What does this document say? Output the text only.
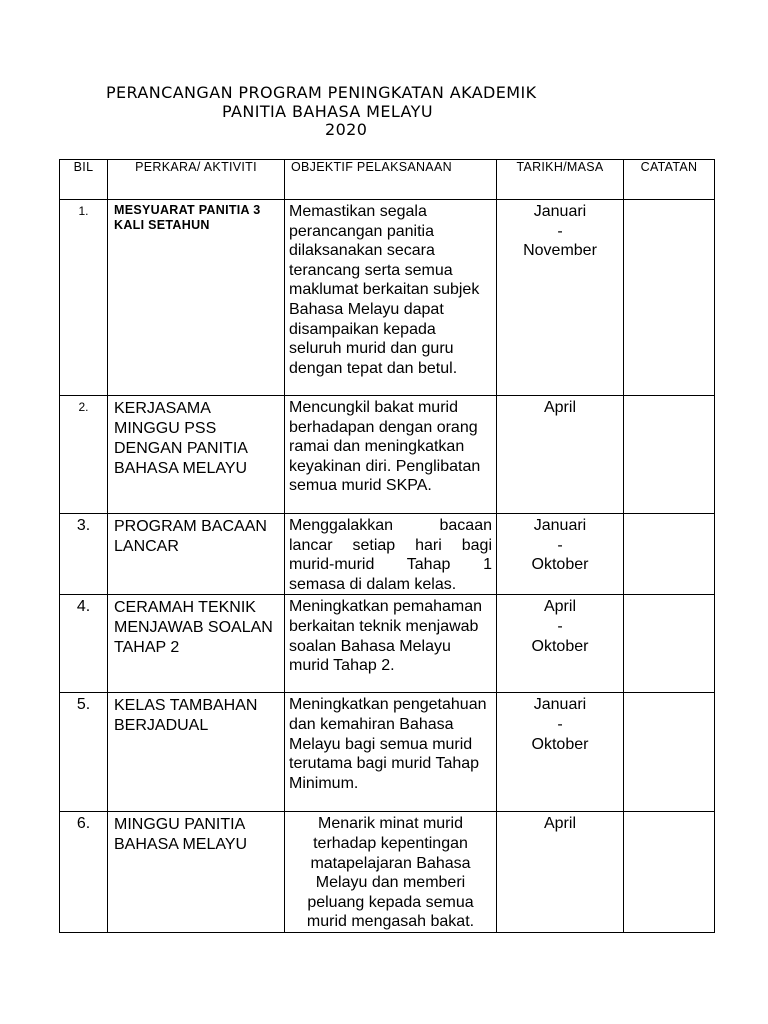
PERANCANGAN PROGRAM PENINGKATAN AKADEMIK
PANITIA BAHASA MELAYU
2020
BIL	PERKARA/ AKTIVITI	OBJEKTIF PELAKSANAAN	TARIKH/MASA	CATATAN
1.	MESYUARAT PANITIA 3 KALI SETAHUN	Memastikan segala perancangan panitia dilaksanakan secara terancang serta semua maklumat berkaitan subjek Bahasa Melayu dapat disampaikan kepada seluruh murid dan guru dengan tepat dan betul.	Januari
-
November	
2.	KERJASAMA MINGGU PSS DENGAN PANITIA BAHASA MELAYU	Mencungkil bakat murid berhadapan dengan orang ramai dan meningkatkan keyakinan diri. Penglibatan semua murid SKPA.	April	
3.	PROGRAM BACAAN LANCAR	Menggalakkan bacaan lancar setiap hari bagi murid-murid Tahap 1 semasa di dalam kelas.	Januari
-
Oktober	
4.	CERAMAH TEKNIK MENJAWAB SOALAN TAHAP 2	Meningkatkan pemahaman berkaitan teknik menjawab soalan Bahasa Melayu murid Tahap 2.	April
-
Oktober	
5.	KELAS TAMBAHAN BERJADUAL	Meningkatkan pengetahuan dan kemahiran Bahasa Melayu bagi semua murid terutama bagi murid Tahap Minimum.	Januari
-
Oktober	
6.	MINGGU PANITIA BAHASA MELAYU	Menarik minat murid terhadap kepentingan matapelajaran Bahasa Melayu dan memberi peluang kepada semua murid mengasah bakat.	April	
